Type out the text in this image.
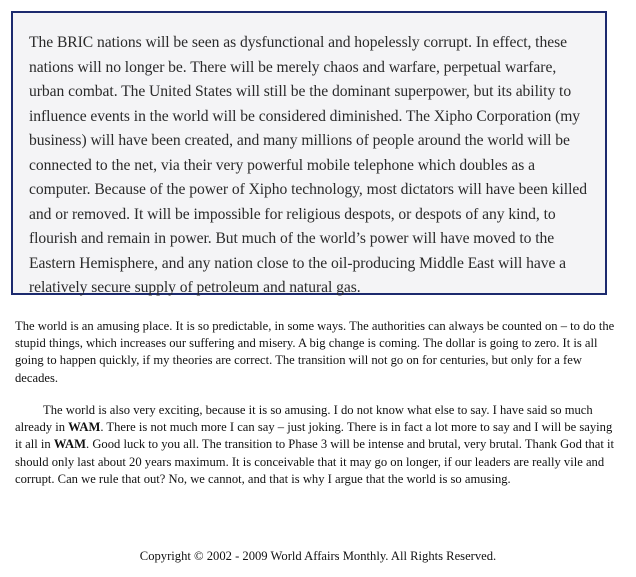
The BRIC nations will be seen as dysfunctional and hopelessly corrupt. In effect, these nations will no longer be. There will be merely chaos and warfare, perpetual warfare, urban combat. The United States will still be the dominant superpower, but its ability to influence events in the world will be considered diminished. The Xipho Corporation (my business) will have been created, and many millions of people around the world will be connected to the net, via their very powerful mobile telephone which doubles as a computer. Because of the power of Xipho technology, most dictators will have been killed and or removed. It will be impossible for religious despots, or despots of any kind, to flourish and remain in power. But much of the world’s power will have moved to the Eastern Hemisphere, and any nation close to the oil-producing Middle East will have a relatively secure supply of petroleum and natural gas.

The world is an amusing place. It is so predictable, in some ways. The authorities can always be counted on – to do the stupid things, which increases our suffering and misery. A big change is coming. The dollar is going to zero. It is all going to happen quickly, if my theories are correct. The transition will not go on for centuries, but only for a few decades.

The world is also very exciting, because it is so amusing. I do not know what else to say. I have said so much already in WAM. There is not much more I can say – just joking. There is in fact a lot more to say and I will be saying it all in WAM. Good luck to you all. The transition to Phase 3 will be intense and brutal, very brutal. Thank God that it should only last about 20 years maximum. It is conceivable that it may go on longer, if our leaders are really vile and corrupt. Can we rule that out? No, we cannot, and that is why I argue that the world is so amusing.

Copyright © 2002 - 2009 World Affairs Monthly. All Rights Reserved.
